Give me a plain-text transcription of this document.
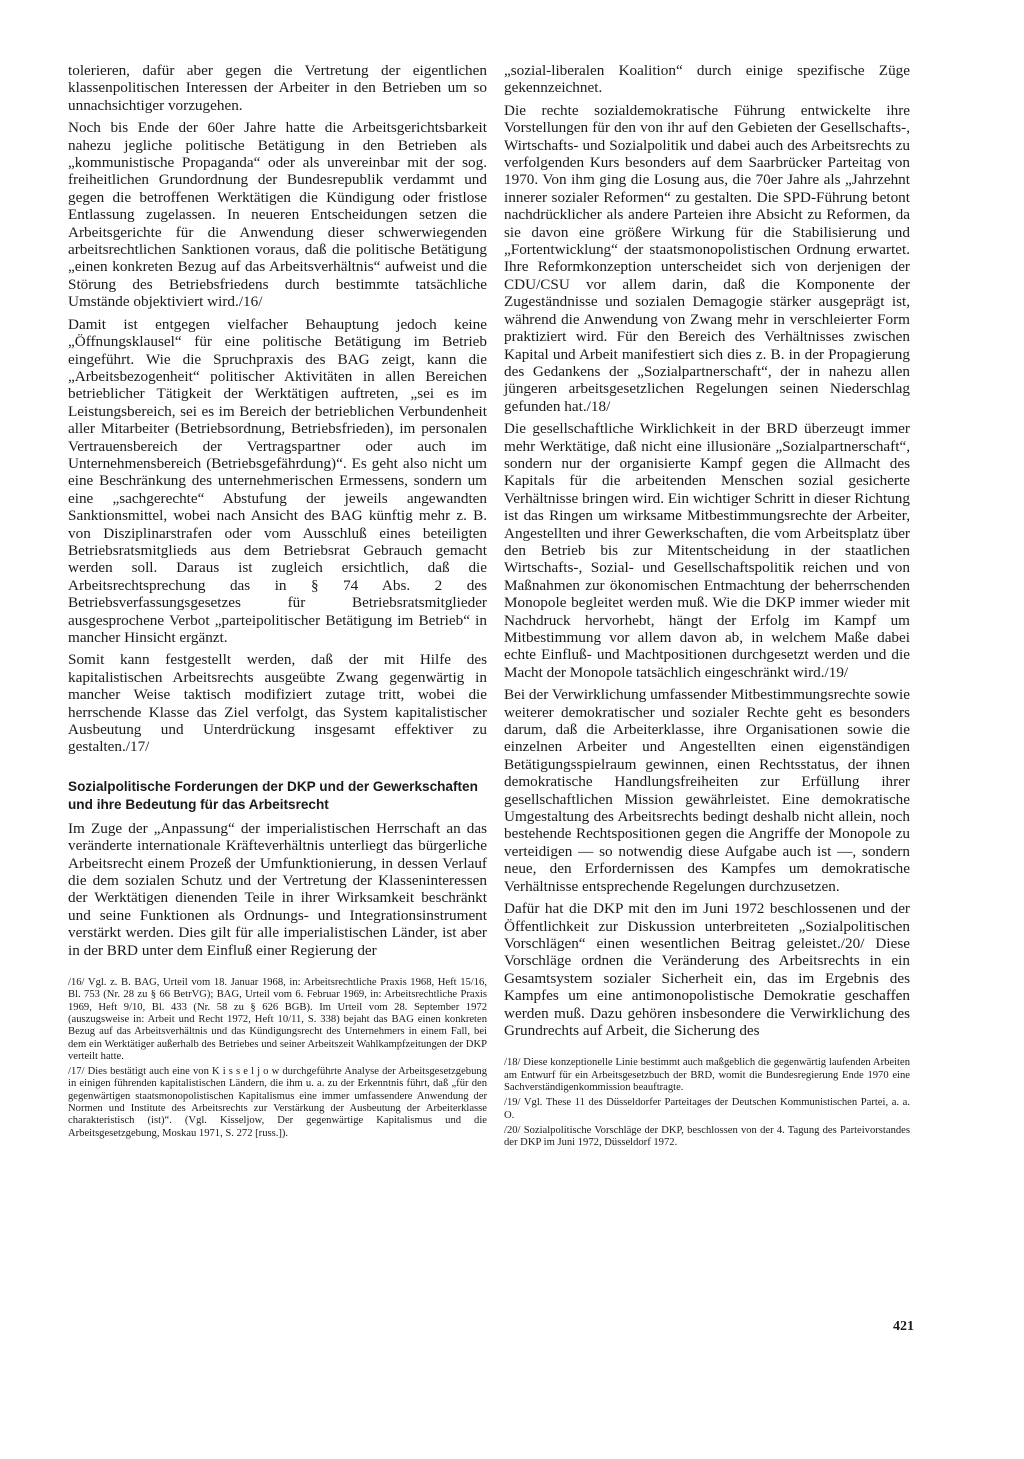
tolerieren, dafür aber gegen die Vertretung der eigentlichen klassenpolitischen Interessen der Arbeiter in den Betrieben um so unnachsichtiger vorzugehen.

Noch bis Ende der 60er Jahre hatte die Arbeitsgerichtsbarkeit nahezu jegliche politische Betätigung in den Betrieben als „kommunistische Propaganda“ oder als unvereinbar mit der sog. freiheitlichen Grundordnung der Bundesrepublik verdammt und gegen die betroffenen Werktätigen die Kündigung oder fristlose Entlassung zugelassen. In neueren Entscheidungen setzen die Arbeitsgerichte für die Anwendung dieser schwerwiegenden arbeitsrechtlichen Sanktionen voraus, daß die politische Betätigung „einen konkreten Bezug auf das Arbeitsverhältnis“ aufweist und die Störung des Betriebsfriedens durch bestimmte tatsächliche Umstände objektiviert wird./16/

Damit ist entgegen vielfacher Behauptung jedoch keine „Öffnungsklausel“ für eine politische Betätigung im Betrieb eingeführt. Wie die Spruchpraxis des BAG zeigt, kann die „Arbeitsbezogenheit“ politischer Aktivitäten in allen Bereichen betrieblicher Tätigkeit der Werktätigen auftreten, „sei es im Leistungsbereich, sei es im Bereich der betrieblichen Verbundenheit aller Mitarbeiter (Betriebsordnung, Betriebsfrieden), im personalen Vertrauensbereich der Vertragspartner oder auch im Unternehmensbereich (Betriebsgefährdung)“. Es geht also nicht um eine Beschränkung des unternehmerischen Ermessens, sondern um eine „sachgerechte“ Abstufung der jeweils angewandten Sanktionsmittel, wobei nach Ansicht des BAG künftig mehr z. B. von Disziplinarstrafen oder vom Ausschluß eines beteiligten Betriebsratsmitglieds aus dem Betriebsrat Gebrauch gemacht werden soll. Daraus ist zugleich ersichtlich, daß die Arbeitsrechtsprechung das in § 74 Abs. 2 des Betriebsverfassungsgesetzes für Betriebsratsmitglieder ausgesprochene Verbot „parteipolitischer Betätigung im Betrieb“ in mancher Hinsicht ergänzt.

Somit kann festgestellt werden, daß der mit Hilfe des kapitalistischen Arbeitsrechts ausgeübte Zwang gegenwärtig in mancher Weise taktisch modifiziert zutage tritt, wobei die herrschende Klasse das Ziel verfolgt, das System kapitalistischer Ausbeutung und Unterdrückung insgesamt effektiver zu gestalten./17/

Sozialpolitische Forderungen der DKP und der Gewerkschaften und ihre Bedeutung für das Arbeitsrecht

Im Zuge der „Anpassung“ der imperialistischen Herrschaft an das veränderte internationale Kräfteverhältnis unterliegt das bürgerliche Arbeitsrecht einem Prozeß der Umfunktionierung, in dessen Verlauf die dem sozialen Schutz und der Vertretung der Klasseninteressen der Werktätigen dienenden Teile in ihrer Wirksamkeit beschränkt und seine Funktionen als Ordnungs- und Integrationsinstrument verstärkt werden. Dies gilt für alle imperialistischen Länder, ist aber in der BRD unter dem Einfluß einer Regierung der

/16/ Vgl. z. B. BAG, Urteil vom 18. Januar 1968, in: Arbeitsrechtliche Praxis 1968, Heft 15/16, Bl. 753 (Nr. 28 zu § 66 BetrVG); BAG, Urteil vom 6. Februar 1969, in: Arbeitsrechtliche Praxis 1969, Heft 9/10, Bl. 433 (Nr. 58 zu § 626 BGB). Im Urteil vom 28. September 1972 (auszugsweise in: Arbeit und Recht 1972, Heft 10/11, S. 338) bejaht das BAG einen konkreten Bezug auf das Arbeitsverhältnis und das Kündigungsrecht des Unternehmers in einem Fall, bei dem ein Werktätiger außerhalb des Betriebes und seiner Arbeitszeit Wahlkampfzeitungen der DKP verteilt hatte.

/17/ Dies bestätigt auch eine von K i s s e l j o w durchgeführte Analyse der Arbeitsgesetzgebung in einigen führenden kapitalistischen Ländern, die ihm u. a. zu der Erkenntnis führt, daß „für den gegenwärtigen staatsmonopolistischen Kapitalismus eine immer umfassendere Anwendung der Normen und Institute des Arbeitsrechts zur Verstärkung der Ausbeutung der Arbeiterklasse charakteristisch (ist)“. (Vgl. Kisseljow, Der gegenwärtige Kapitalismus und die Arbeitsgesetzgebung, Moskau 1971, S. 272 [russ.]).

„sozial-liberalen Koalition“ durch einige spezifische Züge gekennzeichnet.

Die rechte sozialdemokratische Führung entwickelte ihre Vorstellungen für den von ihr auf den Gebieten der Gesellschafts-, Wirtschafts- und Sozialpolitik und dabei auch des Arbeitsrechts zu verfolgenden Kurs besonders auf dem Saarbrücker Parteitag von 1970. Von ihm ging die Losung aus, die 70er Jahre als „Jahrzehnt innerer sozialer Reformen“ zu gestalten. Die SPD-Führung betont nachdrücklicher als andere Parteien ihre Absicht zu Reformen, da sie davon eine größere Wirkung für die Stabilisierung und „Fortentwicklung“ der staatsmonopolistischen Ordnung erwartet. Ihre Reformkonzeption unterscheidet sich von derjenigen der CDU/CSU vor allem darin, daß die Komponente der Zugeständnisse und sozialen Demagogie stärker ausgeprägt ist, während die Anwendung von Zwang mehr in verschleierter Form praktiziert wird. Für den Bereich des Verhältnisses zwischen Kapital und Arbeit manifestiert sich dies z. B. in der Propagierung des Gedankens der „Sozialpartnerschaft“, der in nahezu allen jüngeren arbeitsgesetzlichen Regelungen seinen Niederschlag gefunden hat./18/

Die gesellschaftliche Wirklichkeit in der BRD überzeugt immer mehr Werktätige, daß nicht eine illusionäre „Sozialpartnerschaft“, sondern nur der organisierte Kampf gegen die Allmacht des Kapitals für die arbeitenden Menschen sozial gesicherte Verhältnisse bringen wird. Ein wichtiger Schritt in dieser Richtung ist das Ringen um wirksame Mitbestimmungsrechte der Arbeiter, Angestellten und ihrer Gewerkschaften, die vom Arbeitsplatz über den Betrieb bis zur Mitentscheidung in der staatlichen Wirtschafts-, Sozial- und Gesellschaftspolitik reichen und von Maßnahmen zur ökonomischen Entmachtung der beherrschenden Monopole begleitet werden muß. Wie die DKP immer wieder mit Nachdruck hervorhebt, hängt der Erfolg im Kampf um Mitbestimmung vor allem davon ab, in welchem Maße dabei echte Einfluß- und Machtpositionen durchgesetzt werden und die Macht der Monopole tatsächlich eingeschränkt wird./19/

Bei der Verwirklichung umfassender Mitbestimmungsrechte sowie weiterer demokratischer und sozialer Rechte geht es besonders darum, daß die Arbeiterklasse, ihre Organisationen sowie die einzelnen Arbeiter und Angestellten einen eigenständigen Betätigungsspielraum gewinnen, einen Rechtsstatus, der ihnen demokratische Handlungsfreiheiten zur Erfüllung ihrer gesellschaftlichen Mission gewährleistet. Eine demokratische Umgestaltung des Arbeitsrechts bedingt deshalb nicht allein, noch bestehende Rechtspositionen gegen die Angriffe der Monopole zu verteidigen — so notwendig diese Aufgabe auch ist —, sondern neue, den Erfordernissen des Kampfes um demokratische Verhältnisse entsprechende Regelungen durchzusetzen.

Dafür hat die DKP mit den im Juni 1972 beschlossenen und der Öffentlichkeit zur Diskussion unterbreiteten „Sozialpolitischen Vorschlägen“ einen wesentlichen Beitrag geleistet./20/ Diese Vorschläge ordnen die Veränderung des Arbeitsrechts in ein Gesamtsystem sozialer Sicherheit ein, das im Ergebnis des Kampfes um eine antimonopolistische Demokratie geschaffen werden muß. Dazu gehören insbesondere die Verwirklichung des Grundrechts auf Arbeit, die Sicherung des

/18/ Diese konzeptionelle Linie bestimmt auch maßgeblich die gegenwärtig laufenden Arbeiten am Entwurf für ein Arbeitsgesetzbuch der BRD, womit die Bundesregierung Ende 1970 eine Sachverständigenkommission beauftragte.

/19/ Vgl. These 11 des Düsseldorfer Parteitages der Deutschen Kommunistischen Partei, a. a. O.

/20/ Sozialpolitische Vorschläge der DKP, beschlossen von der 4. Tagung des Parteivorstandes der DKP im Juni 1972, Düsseldorf 1972.

421
